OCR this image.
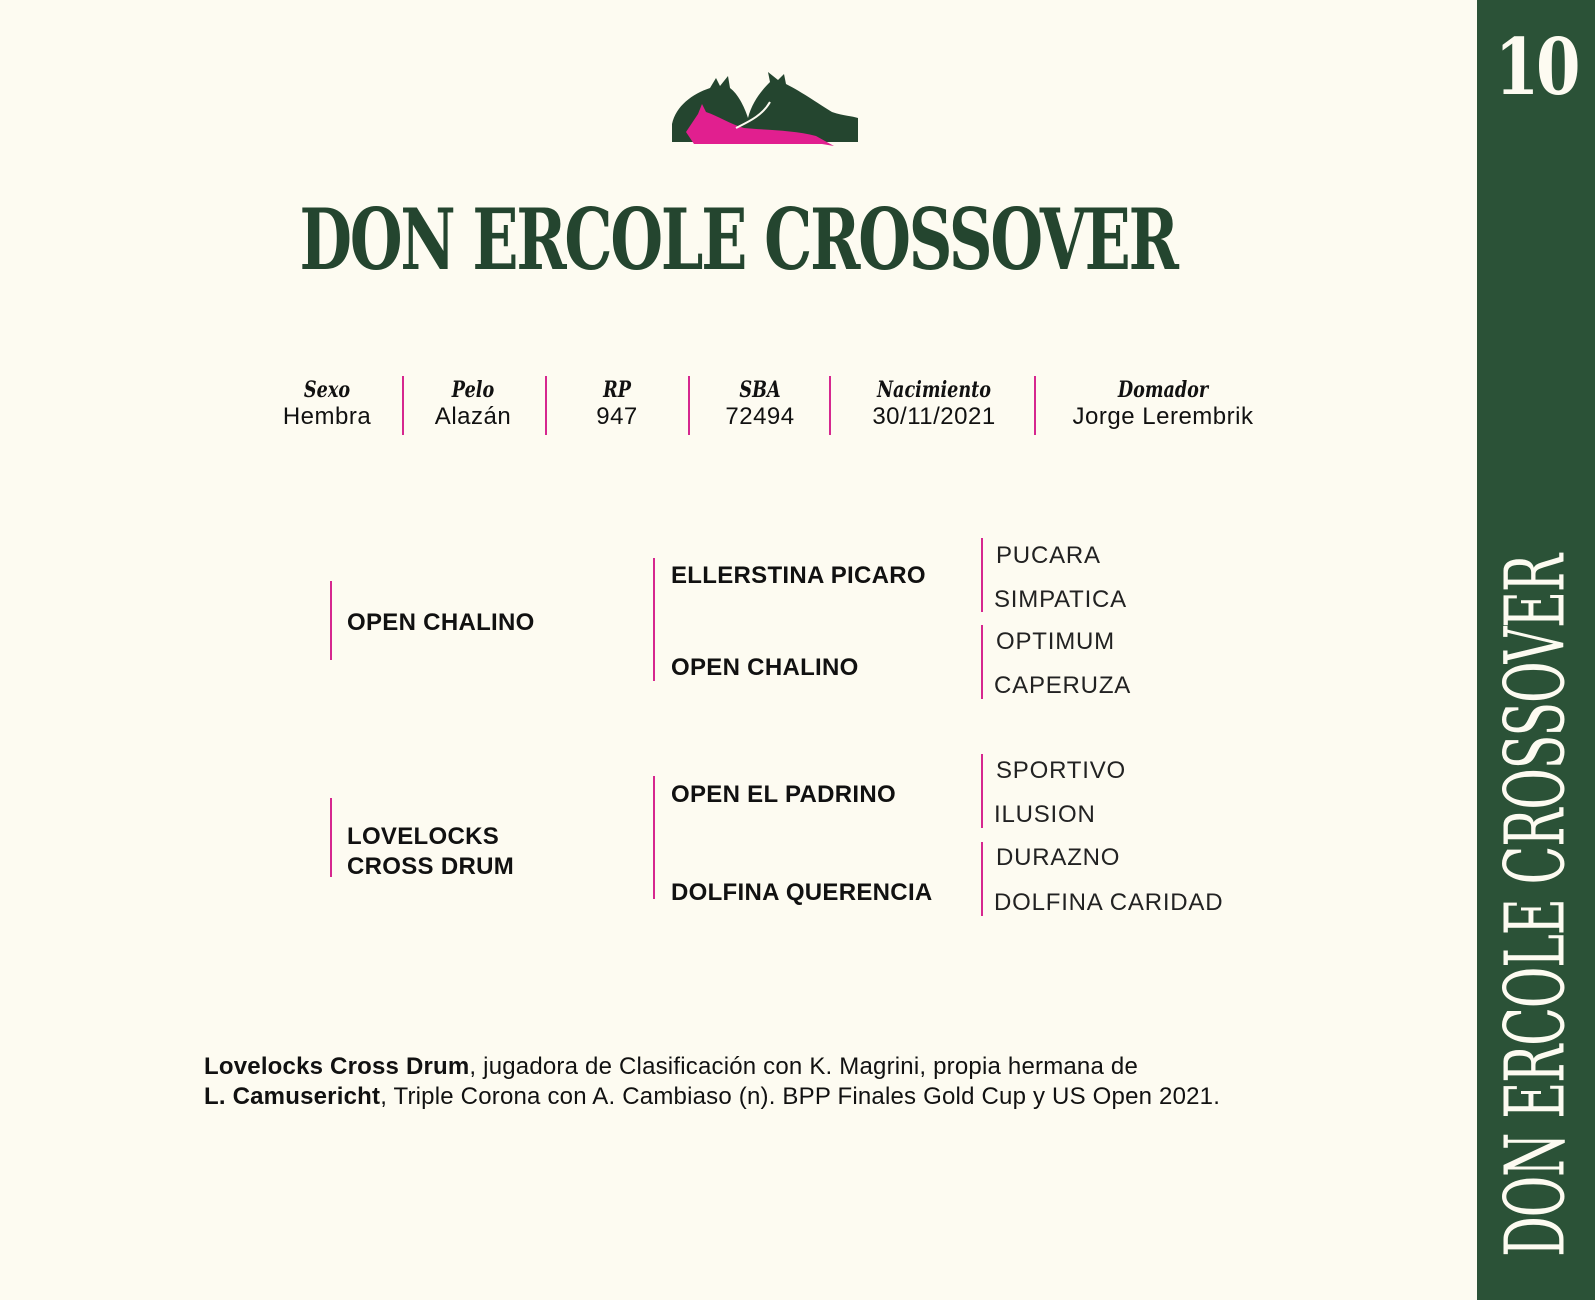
10
DON ERCOLE CROSSOVER
DON ERCOLE CROSSOVER
Sexo
Hembra
Pelo
Alazán
RP
947
SBA
72494
Nacimiento
30/11/2021
Domador
Jorge Lerembrik
OPEN CHALINO
ELLERSTINA PICARO
OPEN CHALINO
PUCARA
SIMPATICA
OPTIMUM
CAPERUZA
LOVELOCKS
CROSS DRUM
OPEN EL PADRINO
DOLFINA QUERENCIA
SPORTIVO
ILUSION
DURAZNO
DOLFINA CARIDAD
Lovelocks Cross Drum, jugadora de Clasificación con K. Magrini, propia hermana de
L. Camusericht, Triple Corona con A. Cambiaso (n). BPP Finales Gold Cup y US Open 2021.
